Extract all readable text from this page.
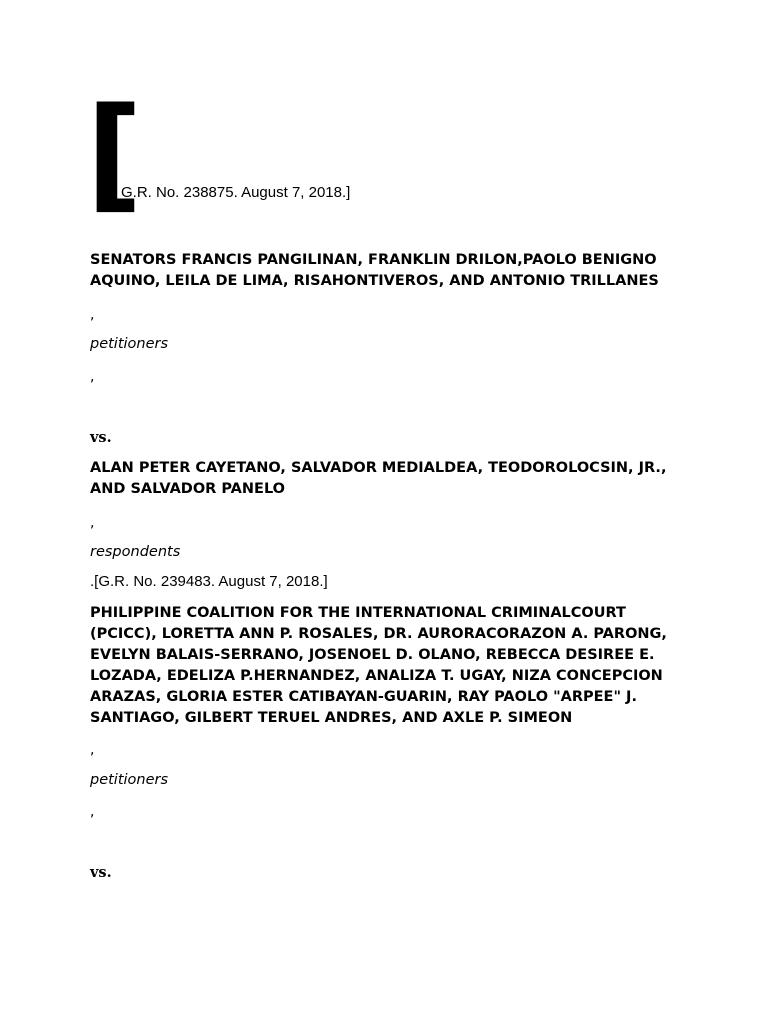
[
G.R. No. 238875. August 7, 2018.]
SENATORS FRANCIS PANGILINAN, FRANKLIN DRILON,PAOLO BENIGNO AQUINO, LEILA DE LIMA, RISAHONTIVEROS, AND ANTONIO TRILLANES
,
petitioners
,
vs.
ALAN PETER CAYETANO, SALVADOR MEDIALDEA, TEODOROLOCSIN, JR., AND SALVADOR PANELO
,
respondents
.[G.R. No. 239483. August 7, 2018.]
PHILIPPINE COALITION FOR THE INTERNATIONAL CRIMINALCOURT (PCICC), LORETTA ANN P. ROSALES, DR. AURORACORAZON A. PARONG, EVELYN BALAIS-SERRANO, JOSENOEL D. OLANO, REBECCA DESIREE E. LOZADA, EDELIZA P.HERNANDEZ, ANALIZA T. UGAY, NIZA CONCEPCION ARAZAS, GLORIA ESTER CATIBAYAN-GUARIN, RAY PAOLO "ARPEE" J. SANTIAGO, GILBERT TERUEL ANDRES, AND AXLE P. SIMEON
,
petitioners
,
vs.
